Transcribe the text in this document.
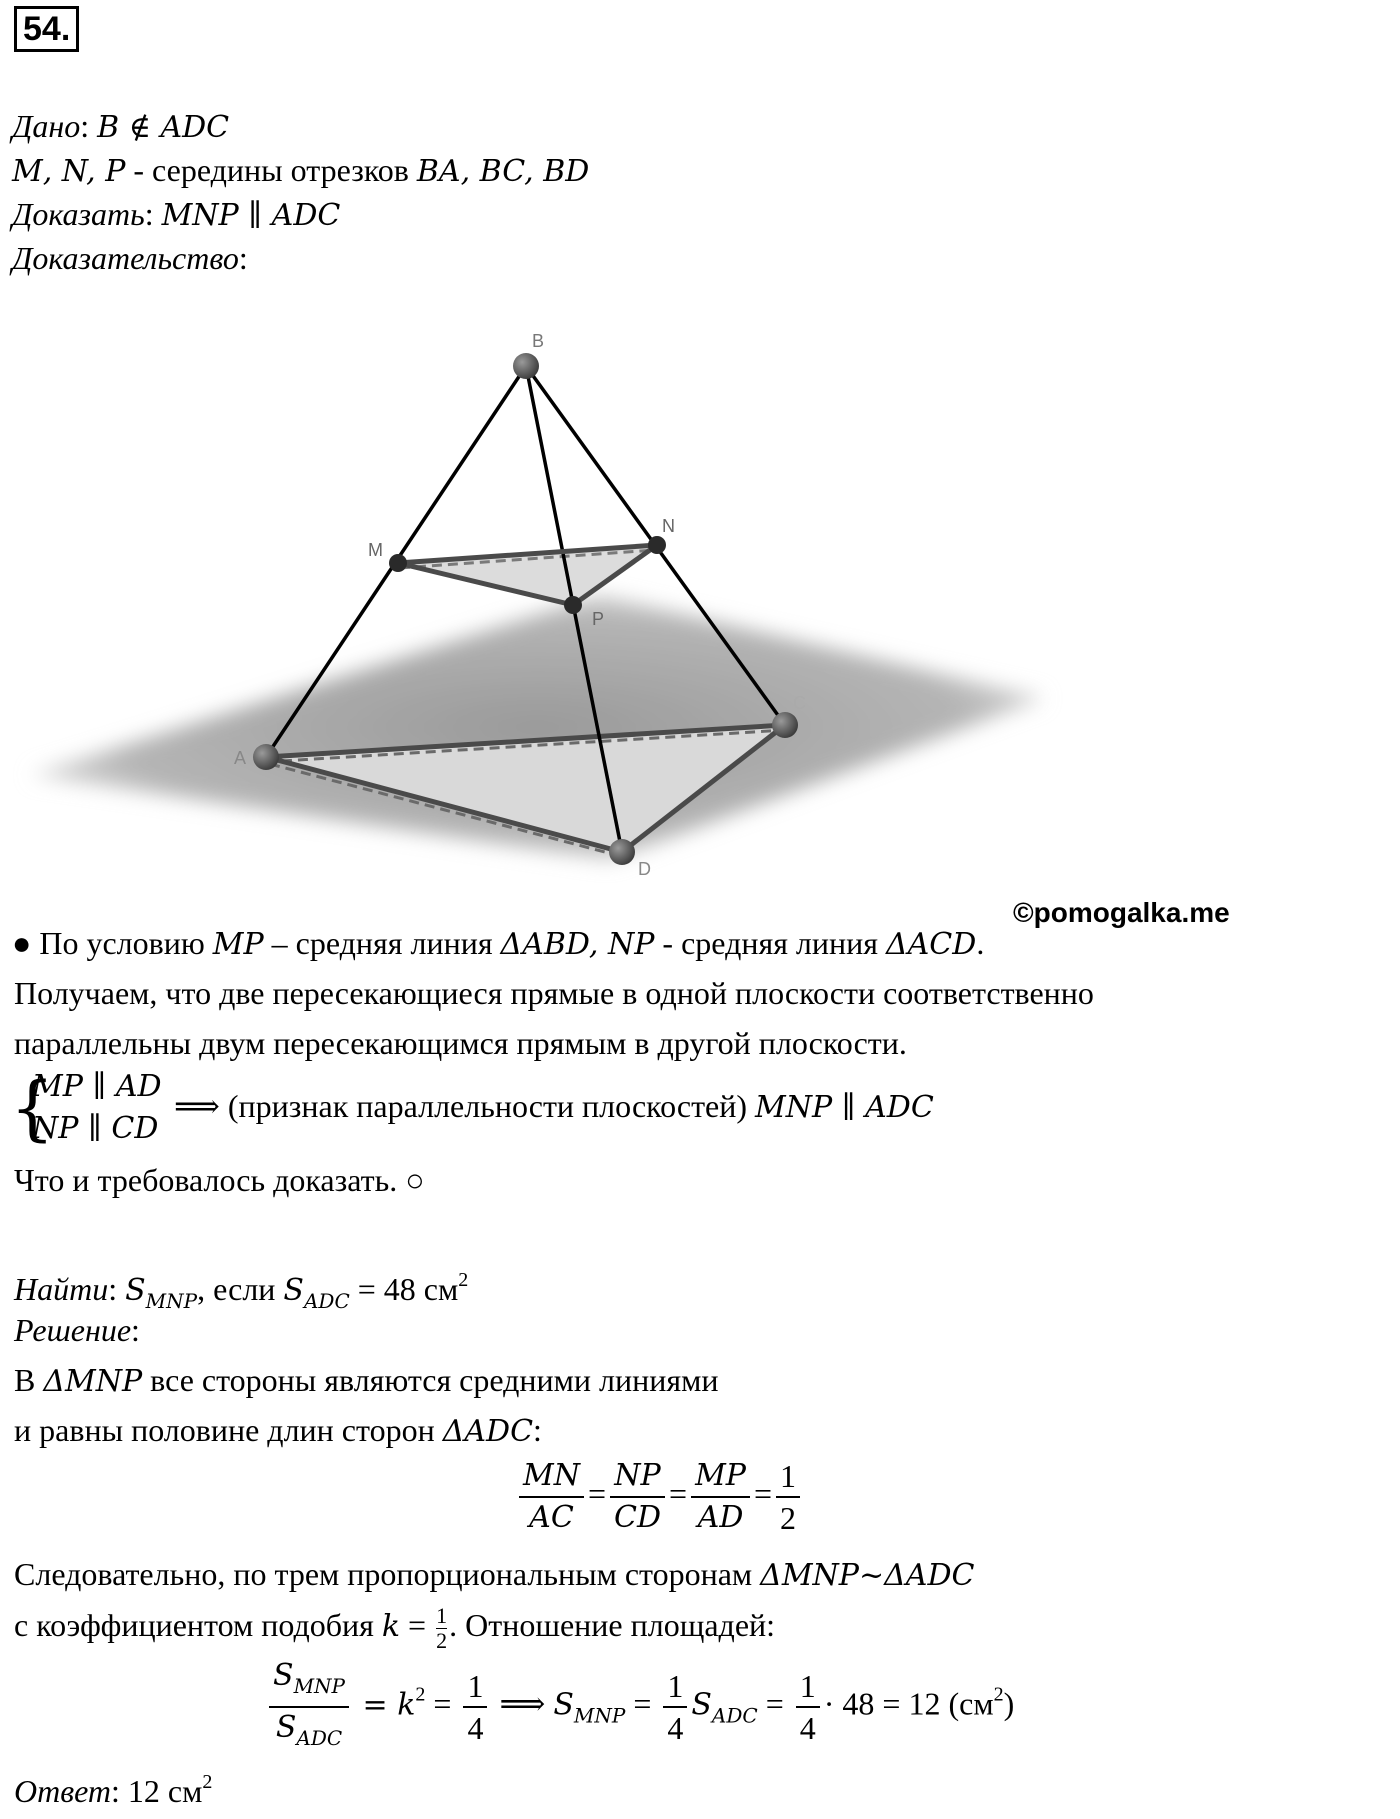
54.
Дано: B ∉ ADC
M, N, P - середины отрезков BA, BC, BD
Доказать: MNP ∥ ADC
Доказательство:
B
M
N
P
A
C
D
©pomogalka.me
● По условию MP – средняя линия ΔABD, NP - средняя линия ΔACD.
Получаем, что две пересекающиеся прямые в одной плоскости соответственно
параллельны двум пересекающимся прямым в другой плоскости.
{
MP ∥ AD
NP ∥ CD
⟹ (признак параллельности плоскостей) MNP ∥ ADC
Что и требовалось доказать. ○
Найти: $S_{MNP}$, если $S_{ADC} = 48$ $см^2$
Решение:
В ΔMNP все стороны являются средними линиями
и равны половине длин сторон ΔADC:
$\frac{MN}{AC} = \frac{NP}{CD} = \frac{MP}{AD} = \frac{1}{2}$
Следовательно, по трем пропорциональным сторонам ΔMNP~ΔADC
с коэффициентом подобия $k = \frac{1}{2}$ . Отношение площадей:
$\frac{S_{MNP}}{S_{ADC}} = k^2 = \frac{1}{4}$ ⟹ $S_{MNP} = \frac{1}{4} S_{ADC} = \frac{1}{4} \cdot 48 = 12$ $(см^2)$
Ответ: 12 $см^2$
